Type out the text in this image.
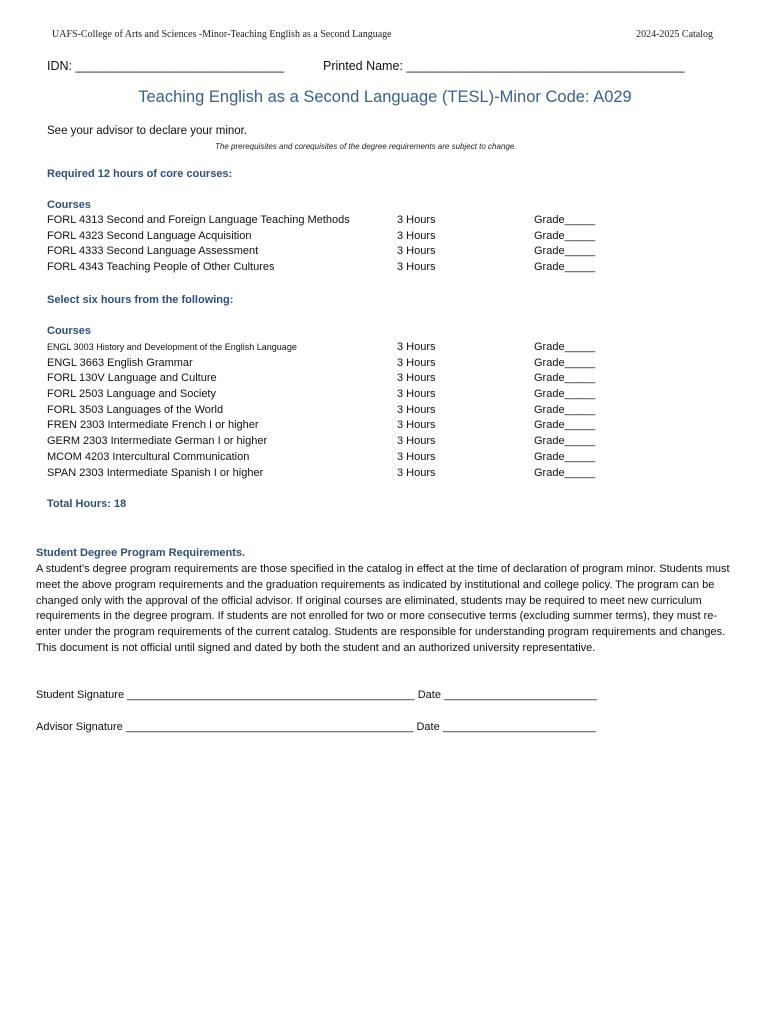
UAFS-College of Arts and Sciences -Minor-Teaching English as a Second Language	2024-2025 Catalog
IDN: ______________________________	Printed Name: ________________________________________
Teaching English as a Second Language (TESL)-Minor Code: A029
See your advisor to declare your minor.
The prerequisites and corequisites of the degree requirements are subject to change.
Required 12 hours of core courses:
Courses
FORL 4313 Second and Foreign Language Teaching Methods	3 Hours	Grade_____
FORL 4323 Second Language Acquisition	3 Hours	Grade_____
FORL 4333 Second Language Assessment	3 Hours	Grade_____
FORL 4343 Teaching People of Other Cultures	3 Hours	Grade_____
Select six hours from the following:
Courses
ENGL 3003 History and Development of the English Language	3 Hours	Grade_____
ENGL 3663 English Grammar	3 Hours	Grade_____
FORL 130V Language and Culture	3 Hours	Grade_____
FORL 2503 Language and Society	3 Hours	Grade_____
FORL 3503 Languages of the World	3 Hours	Grade_____
FREN 2303 Intermediate French I or higher	3 Hours	Grade_____
GERM 2303 Intermediate German I or higher	3 Hours	Grade_____
MCOM 4203 Intercultural Communication	3 Hours	Grade_____
SPAN 2303 Intermediate Spanish I or higher	3 Hours	Grade_____
Total Hours: 18
Student Degree Program Requirements.
A student’s degree program requirements are those specified in the catalog in effect at the time of declaration of program minor. Students must meet the above program requirements and the graduation requirements as indicated by institutional and college policy. The program can be changed only with the approval of the official advisor. If original courses are eliminated, students may be required to meet new curriculum requirements in the degree program. If students are not enrolled for two or more consecutive terms (excluding summer terms), they must re-enter under the program requirements of the current catalog. Students are responsible for understanding program requirements and changes. This document is not official until signed and dated by both the student and an authorized university representative.
Student Signature _______________________________________________ Date _________________________
Advisor Signature _______________________________________________ Date _________________________
